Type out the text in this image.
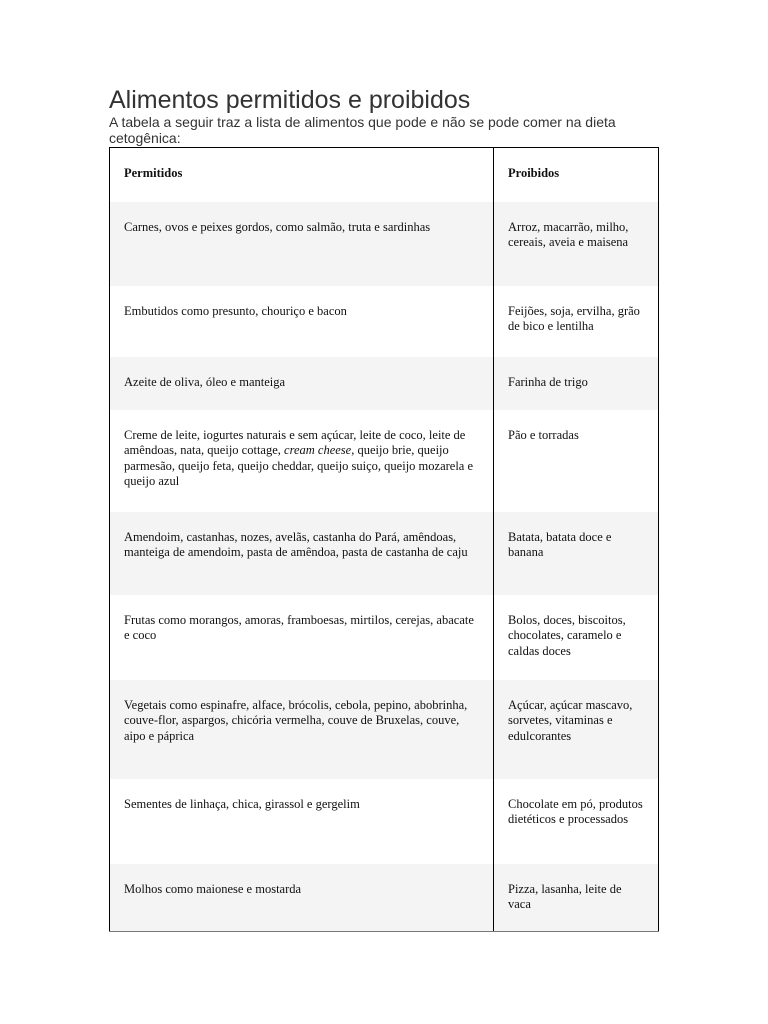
Alimentos permitidos e proibidos

A tabela a seguir traz a lista de alimentos que pode e não se pode comer na dieta cetogênica:

Permitidos	Proibidos
Carnes, ovos e peixes gordos, como salmão, truta e sardinhas	Arroz, macarrão, milho, cereais, aveia e maisena
Embutidos como presunto, chouriço e bacon	Feijões, soja, ervilha, grão de bico e lentilha
Azeite de oliva, óleo e manteiga	Farinha de trigo
Creme de leite, iogurtes naturais e sem açúcar, leite de coco, leite de amêndoas, nata, queijo cottage, cream cheese, queijo brie, queijo parmesão, queijo feta, queijo cheddar, queijo suiço, queijo mozarela e queijo azul	Pão e torradas
Amendoim, castanhas, nozes, avelãs, castanha do Pará, amêndoas, manteiga de amendoim, pasta de amêndoa, pasta de castanha de caju	Batata, batata doce e banana
Frutas como morangos, amoras, framboesas, mirtilos, cerejas, abacate e coco	Bolos, doces, biscoitos, chocolates, caramelo e caldas doces
Vegetais como espinafre, alface, brócolis, cebola, pepino, abobrinha, couve-flor, aspargos, chicória vermelha, couve de Bruxelas, couve, aipo e páprica	Açúcar, açúcar mascavo, sorvetes, vitaminas e edulcorantes
Sementes de linhaça, chica, girassol e gergelim	Chocolate em pó, produtos dietéticos e processados
Molhos como maionese e mostarda	Pizza, lasanha, leite de vaca
